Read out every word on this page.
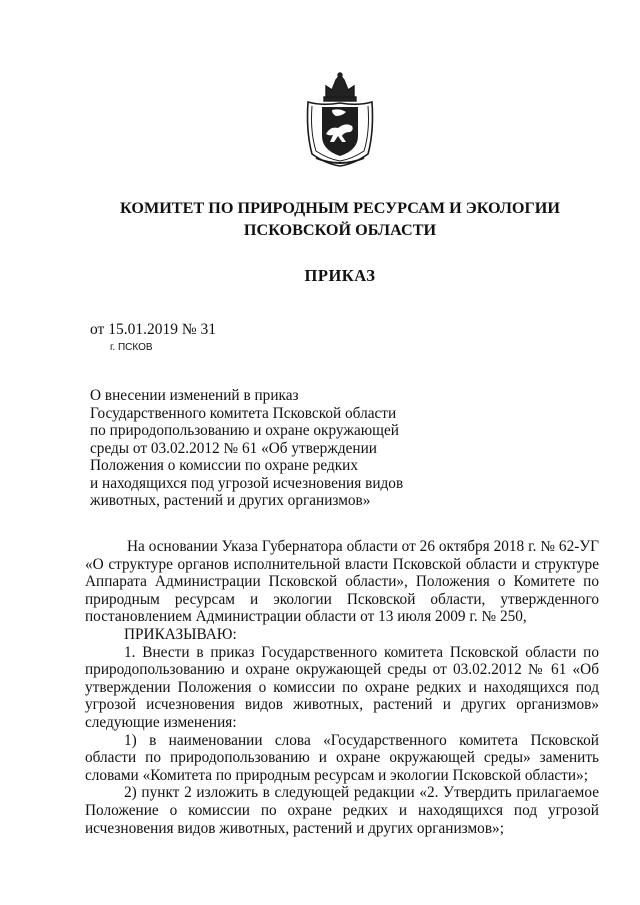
КОМИТЕТ ПО ПРИРОДНЫМ РЕСУРСАМ И ЭКОЛОГИИ
ПСКОВСКОЙ ОБЛАСТИ
ПРИКАЗ
от 15.01.2019 № 31
г. ПСКОВ
О внесении изменений в приказ
Государственного комитета Псковской области
по природопользованию и охране окружающей
среды от 03.02.2012 № 61 «Об утверждении
Положения о комиссии по охране редких
и находящихся под угрозой исчезновения видов
животных, растений и других организмов»

На основании Указа Губернатора области от 26 октября 2018 г. № 62-УГ «О структуре органов исполнительной власти Псковской области и структуре Аппарата Администрации Псковской области», Положения о Комитете по природным ресурсам и экологии Псковской области, утвержденного постановлением Администрации области от 13 июля 2009 г. № 250,

ПРИКАЗЫВАЮ:

1. Внести в приказ Государственного комитета Псковской области по природопользованию и охране окружающей среды от 03.02.2012 № 61 «Об утверждении Положения о комиссии по охране редких и находящихся под угрозой исчезновения видов животных, растений и других организмов» следующие изменения:

1) в наименовании слова «Государственного комитета Псковской области по природопользованию и охране окружающей среды» заменить словами «Комитета по природным ресурсам и экологии Псковской области»;

2) пункт 2 изложить в следующей редакции «2. Утвердить прилагаемое Положение о комиссии по охране редких и находящихся под угрозой исчезновения видов животных, растений и других организмов»;
